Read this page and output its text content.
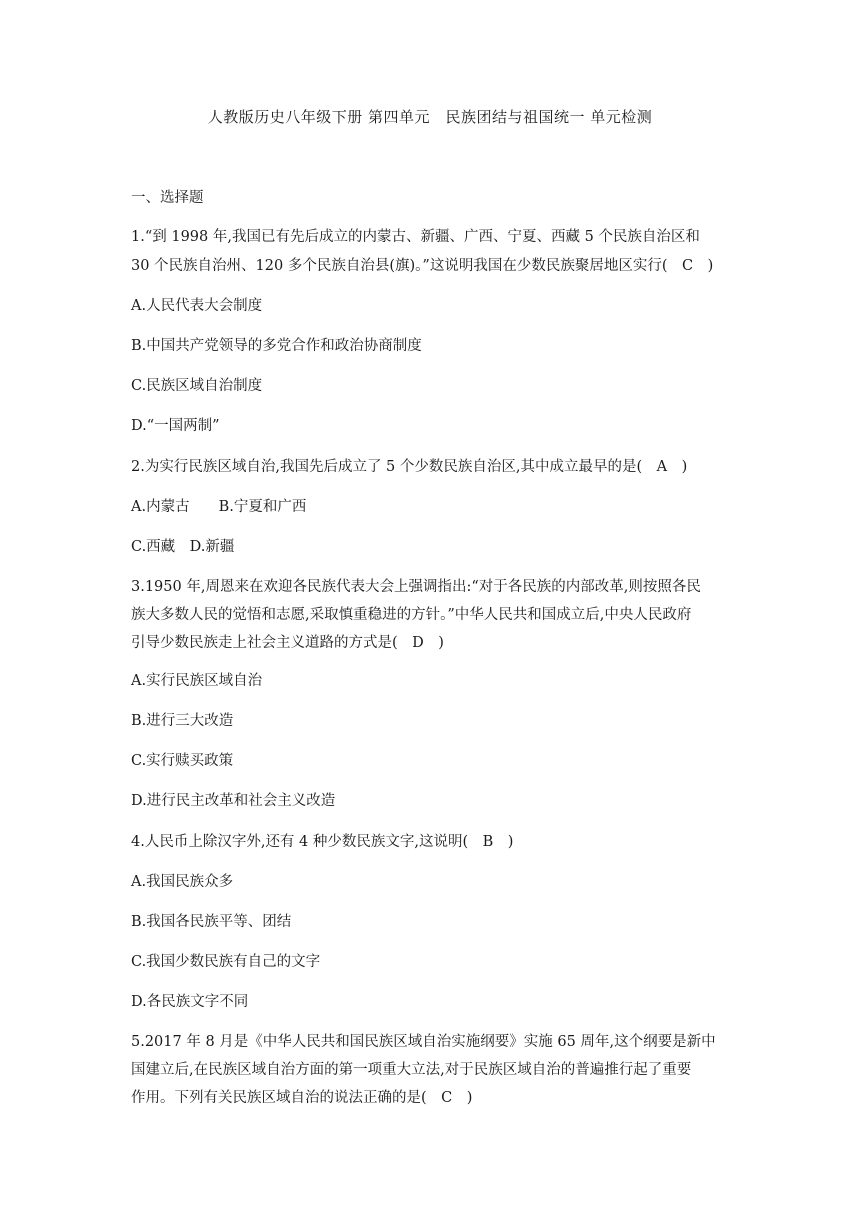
人教版历史八年级下册 第四单元　民族团结与祖国统一 单元检测
一、选择题
1.“到 1998 年,我国已有先后成立的内蒙古、新疆、广西、宁夏、西藏 5 个民族自治区和
30 个民族自治州、120 多个民族自治县(旗)。”这说明我国在少数民族聚居地区实行(　C　)
A.人民代表大会制度
B.中国共产党领导的多党合作和政治协商制度
C.民族区域自治制度
D.“一国两制”
2.为实行民族区域自治,我国先后成立了 5 个少数民族自治区,其中成立最早的是(　A　)
A.内蒙古　　B.宁夏和广西
C.西藏　D.新疆
3.1950 年,周恩来在欢迎各民族代表大会上强调指出:“对于各民族的内部改革,则按照各民
族大多数人民的觉悟和志愿,采取慎重稳进的方针。”中华人民共和国成立后,中央人民政府
引导少数民族走上社会主义道路的方式是(　D　)
A.实行民族区域自治
B.进行三大改造
C.实行赎买政策
D.进行民主改革和社会主义改造
4.人民币上除汉字外,还有 4 种少数民族文字,这说明(　B　)
A.我国民族众多
B.我国各民族平等、团结
C.我国少数民族有自己的文字
D.各民族文字不同
5.2017 年 8 月是《中华人民共和国民族区域自治实施纲要》实施 65 周年,这个纲要是新中
国建立后,在民族区域自治方面的第一项重大立法,对于民族区域自治的普遍推行起了重要
作用。下列有关民族区域自治的说法正确的是(　C　)
